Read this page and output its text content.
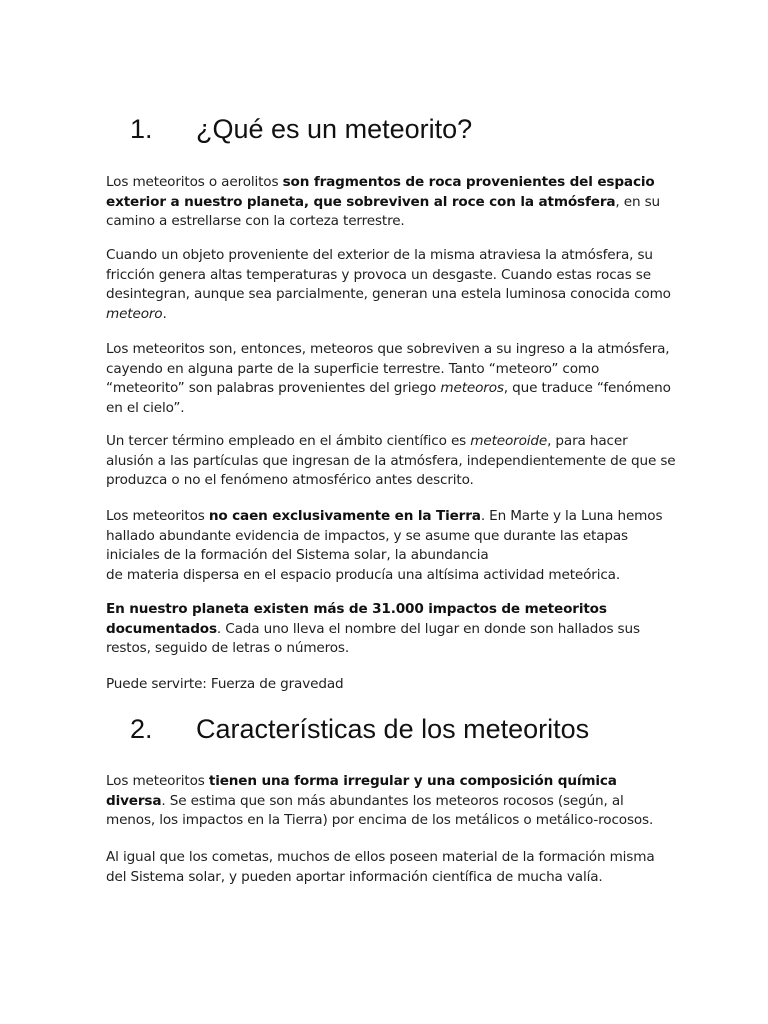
1. ¿Qué es un meteorito?

Los meteoritos o aerolitos son fragmentos de roca provenientes del espacio exterior a nuestro planeta, que sobreviven al roce con la atmósfera, en su camino a estrellarse con la corteza terrestre.

Cuando un objeto proveniente del exterior de la misma atraviesa la atmósfera, su fricción genera altas temperaturas y provoca un desgaste. Cuando estas rocas se desintegran, aunque sea parcialmente, generan una estela luminosa conocida como meteoro.

Los meteoritos son, entonces, meteoros que sobreviven a su ingreso a la atmósfera, cayendo en alguna parte de la superficie terrestre. Tanto “meteoro” como “meteorito” son palabras provenientes del griego meteoros, que traduce “fenómeno en el cielo”.

Un tercer término empleado en el ámbito científico es meteoroide, para hacer alusión a las partículas que ingresan de la atmósfera, independientemente de que se produzca o no el fenómeno atmosférico antes descrito.

Los meteoritos no caen exclusivamente en la Tierra. En Marte y la Luna hemos hallado abundante evidencia de impactos, y se asume que durante las etapas iniciales de la formación del Sistema solar, la abundancia
de materia dispersa en el espacio producía una altísima actividad meteórica.

En nuestro planeta existen más de 31.000 impactos de meteoritos documentados. Cada uno lleva el nombre del lugar en donde son hallados sus restos, seguido de letras o números.

Puede servirte: Fuerza de gravedad

2. Características de los meteoritos

Los meteoritos tienen una forma irregular y una composición química diversa. Se estima que son más abundantes los meteoros rocosos (según, al menos, los impactos en la Tierra) por encima de los metálicos o metálico-rocosos.

Al igual que los cometas, muchos de ellos poseen material de la formación misma del Sistema solar, y pueden aportar información científica de mucha valía.
